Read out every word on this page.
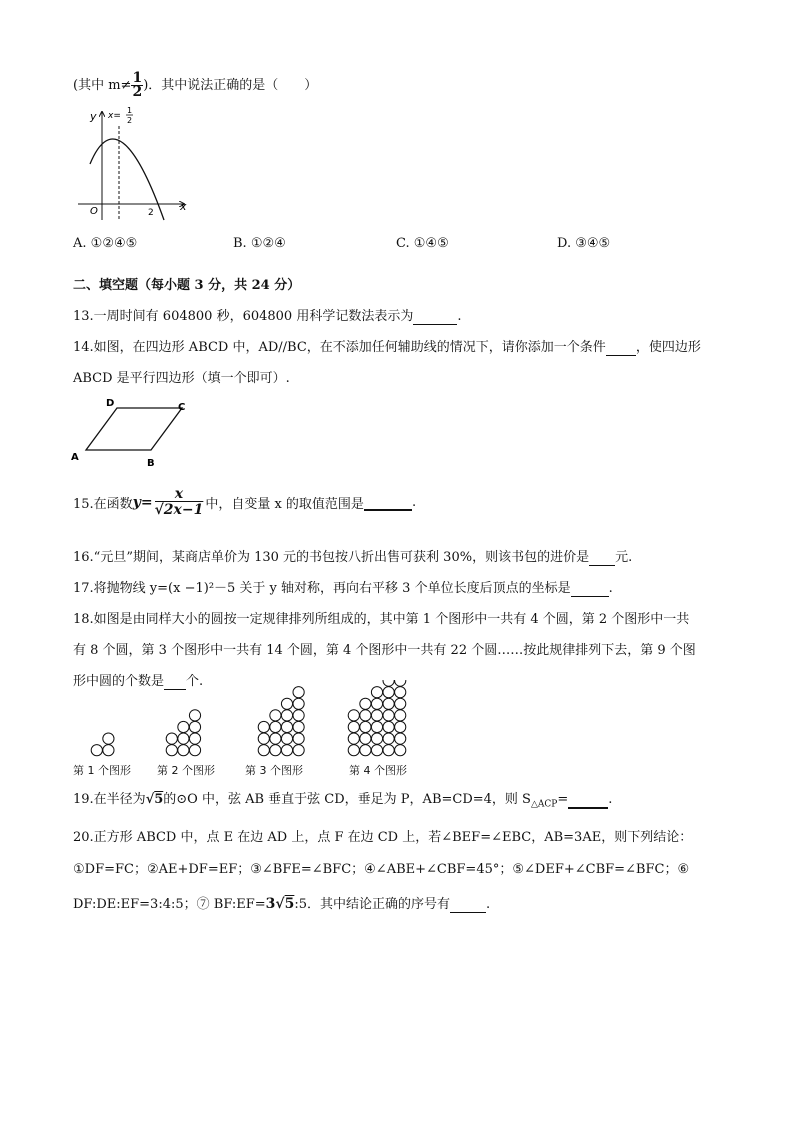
(其中 $m\ne \frac{1}{2}$ )．其中说法正确的是（　　）
y
x
O	2
x=
1
2
A. ①②④⑤	B. ①②④	C. ①④⑤	D. ③④⑤
二、填空题（每小题 3 分，共 24 分）
13.一周时间有 604800 秒，604800 用科学记数法表示为	.
14.如图，在四边形 ABCD 中，AD//BC，在不添加任何辅助线的情况下，请你添加一个条件 ，使四边形
ABCD 是平行四边形（填一个即可）.
D	C
A
B
15.在函数$y= \frac{x}{√2x-1}$ 中，自变量 x 的取值范围是	.
16.“元旦”期间，某商店单价为 130 元的书包按八折出售可获利 30%，则该书包的进价是 元.
17.将抛物线 y=(x −1)²－5 关于 y 轴对称，再向右平移 3 个单位长度后顶点的坐标是	.
18.如图是由同样大小的圆按一定规律排列所组成的，其中第 1 个图形中一共有 4 个圆，第 2 个图形中一共
有 8 个圆，第 3 个图形中一共有 14 个圆，第 4 个图形中一共有 22 个圆……按此规律排列下去，第 9 个图
形中圆的个数是 个.
第 1 个图形 第 2 个图形	第 3 个图形	第 4 个图形
19.在半径为√5的⊙O 中，弦 AB 垂直于弦 CD，垂足为 P，AB=CD=4，则 $S_{\triangle ACP}=$	.
20.正方形 ABCD 中，点 E 在边 AD 上，点 F 在边 CD 上，若∠BEF=∠EBC，AB=3AE，则下列结论：
①DF=FC；②AE+DF=EF；③∠BFE=∠BFC；④∠ABE+∠CBF=45°；⑤∠DEF+∠CBF=∠BFC；⑥
DF:DE:EF=3:4:5；⑦ BF:EF=3√5:5．其中结论正确的序号有	.
